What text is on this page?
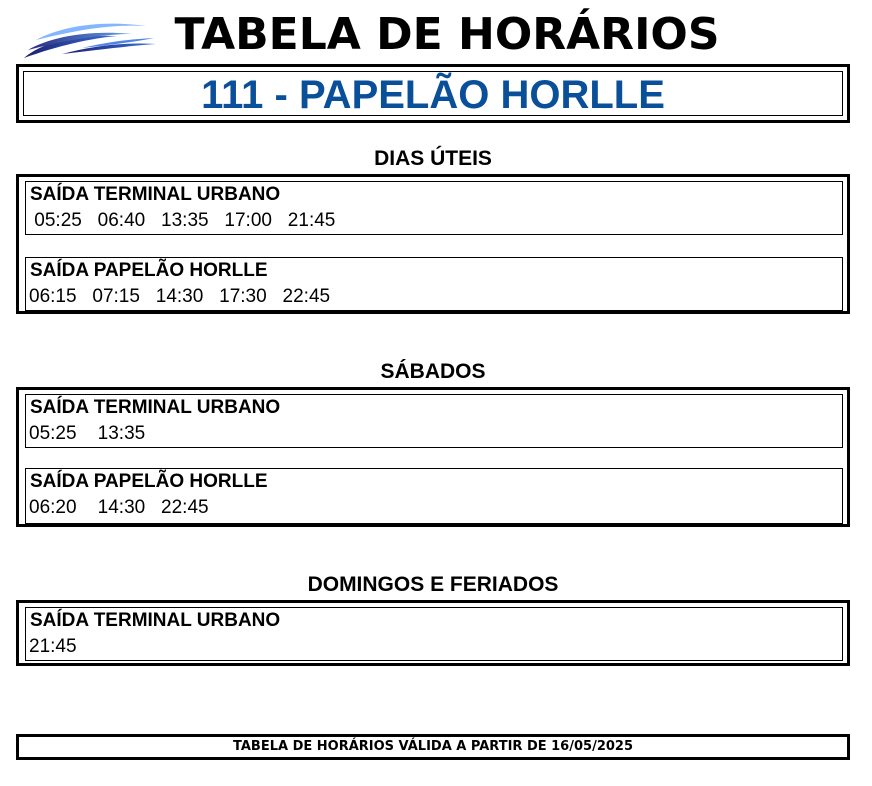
TABELA DE HORÁRIOS
111 - PAPELÃO HORLLE
DIAS ÚTEIS
SAÍDA TERMINAL URBANO
05:25   06:40   13:35   17:00   21:45
SAÍDA PAPELÃO HORLLE
06:15   07:15   14:30   17:30   22:45
SÁBADOS
SAÍDA TERMINAL URBANO
05:25    13:35
SAÍDA PAPELÃO HORLLE
06:20    14:30   22:45
DOMINGOS E FERIADOS
SAÍDA TERMINAL URBANO
21:45
TABELA DE HORÁRIOS VÁLIDA A PARTIR DE 16/05/2025
